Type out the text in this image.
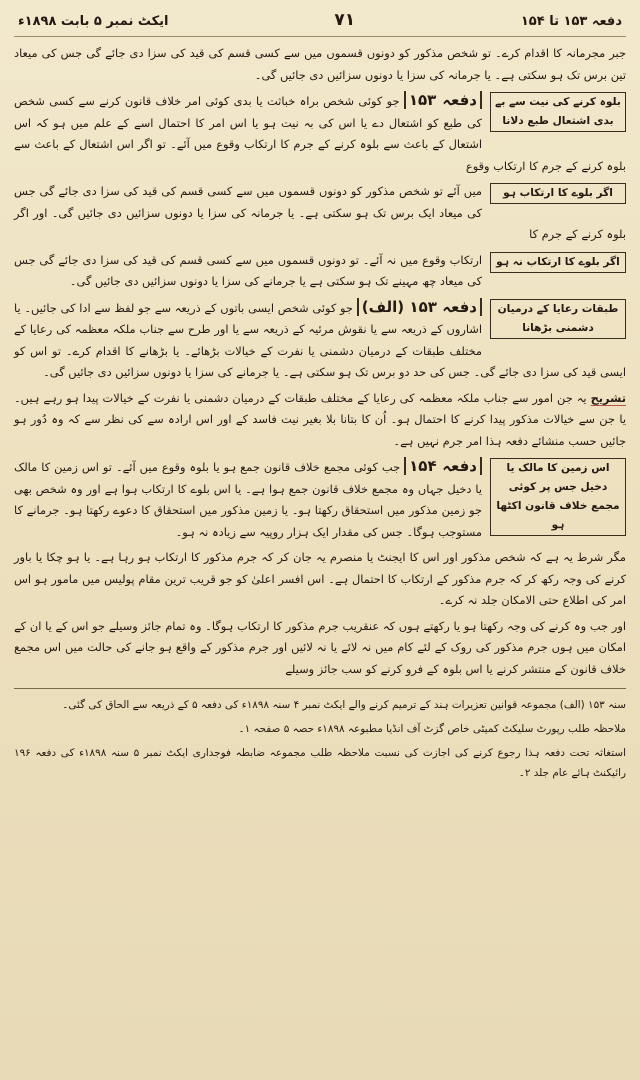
دفعہ ۱۵۳ تا ۱۵۴
۷۱
ایکٹ نمبر ۵ بابت ۱۸۹۸ء

جبر مجرمانہ کا اقدام کرے۔ تو شخص مذکور کو دونوں قسموں میں سے کسی قسم کی قید کی سزا دی جائے گی جس کی میعاد تین برس تک ہو سکتی ہے۔ یا جرمانہ کی سزا یا دونوں سزائیں دی جائیں گی۔

بلوہ کرنے کی نیت سے بے بدی اشتعال طبع دلانا
دفعہ ۱۵۳ جو کوئی شخص براہ خباثت یا بدی کوئی امر خلاف قانون کرنے سے کسی شخص کی طبع کو اشتعال دے یا اس کی بہ نیت ہو یا اس امر کا احتمال اسے کے علم میں ہو کہ اس اشتعال کے باعث سے بلوہ کرنے کے جرم کا ارتکاب وقوع میں آئے۔ تو اگر اس اشتعال کے باعث سے بلوہ کرنے کے جرم کا ارتکاب وقوع
اگر بلوے کا ارتکاب ہو
میں آئے تو شخص مذکور کو دونوں قسموں میں سے کسی قسم کی قید کی سزا دی جائے گی جس کی میعاد ایک برس تک ہو سکتی ہے۔ یا جرمانہ کی سزا یا دونوں سزائیں دی جائیں گی۔ اور اگر بلوہ کرنے کے جرم کا
اگر بلوے کا ارتکاب نہ ہو
ارتکاب وقوع میں نہ آئے۔ تو دونوں قسموں میں سے کسی قسم کی قید کی سزا دی جائے گی جس کی میعاد چھ مہینے تک ہو سکتی ہے یا جرمانے کی سزا یا دونوں سزائیں دی جائیں گی۔
طبقات رعایا کے درمیان دشمنی بڑھانا
دفعہ ۱۵۳ (الف) جو کوئی شخص ایسی باتوں کے ذریعہ سے جو لفظ سے ادا کی جائیں۔ یا اشاروں کے ذریعہ سے یا نقوش مرئیہ کے ذریعہ سے یا اور طرح سے جناب ملکہ معظمہ کی رعایا کے مختلف طبقات کے درمیان دشمنی یا نفرت کے خیالات بڑھائے۔ یا بڑھانے کا اقدام کرے۔ تو اس کو ایسی قید کی سزا دی جائے گی۔ جس کی حد دو برس تک ہو سکتی ہے۔ یا جرمانے کی سزا یا دونوں سزائیں دی جائیں گی۔
تشریح یہ جن امور سے جناب ملکہ معظمہ کی رعایا کے مختلف طبقات کے درمیان دشمنی یا نفرت کے خیالات پیدا ہو رہے ہیں۔ یا جن سے خیالات مذکور پیدا کرنے کا احتمال ہو۔ اُن کا بتانا بلا بغیر نیت فاسد کے اور اس ارادہ سے کی نظر سے کہ وہ دُور ہو جائیں حسب منشائے دفعہ ہذا امر جرم نہیں ہے۔
اس زمین کا مالک یا دخیل جس پر کوئی مجمع خلاف قانون اکٹھا ہو
دفعہ ۱۵۴ جب کوئی مجمع خلاف قانون جمع ہو یا بلوہ وقوع میں آئے۔ تو اس زمین کا مالک یا دخیل جہاں وہ مجمع خلاف قانون جمع ہوا ہے۔ یا اس بلوے کا ارتکاب ہوا ہے اور وہ شخص بھی جو زمین مذکور میں استحقاق رکھتا ہو۔ یا زمین مذکور میں استحقاق کا دعوے رکھتا ہو۔ جرمانے کا مستوجب ہوگا۔ جس کی مقدار ایک ہزار روپیہ سے زیادہ نہ ہو۔

مگر شرط یہ ہے کہ شخص مذکور اور اس کا ایجنٹ یا منصرم یہ جان کر کہ جرم مذکور کا ارتکاب ہو رہا ہے۔ یا ہو چکا یا باور کرنے کی وجہ رکھ کر کہ جرم مذکور کے ارتکاب کا احتمال ہے۔ اس افسر اعلیٰ کو جو قریب ترین مقام پولیس میں مامور ہو اس امر کی اطلاع حتی الامکان جلد نہ کرے۔

اور جب وہ کرنے کی وجہ رکھتا ہو یا رکھتے ہوں کہ عنقریب جرم مذکور کا ارتکاب ہوگا۔ وہ تمام جائز وسیلے جو اس کے یا ان کے امکان میں ہوں جرم مذکور کی روک کے لئے کام میں نہ لائے یا نہ لائیں اور جرم مذکور کے واقع ہو جانے کی حالت میں اس مجمع خلاف قانون کے منتشر کرنے یا اس بلوہ کے فرو کرنے کو سب جائز وسیلے

سنہ ۱۵۳ (الف) مجموعہ قوانین تعزیرات ہند کے ترمیم کرنے والے ایکٹ نمبر ۴ سنہ ۱۸۹۸ء کی دفعہ ۵ کے ذریعہ سے الحاق کی گئی۔

ملاحظہ طلب رپورٹ سلیکٹ کمیٹی خاص گزٹ آف انڈیا مطبوعہ ۱۸۹۸ء حصہ ۵ صفحہ ۱۔

استغاثہ تحت دفعہ ہذا رجوع کرنے کی اجازت کی نسبت ملاحظہ طلب مجموعہ ضابطہ فوجداری ایکٹ نمبر ۵ سنہ ۱۸۹۸ء کی دفعہ ۱۹۶ رائیکنٹ ہائے عام جلد ۲۔
